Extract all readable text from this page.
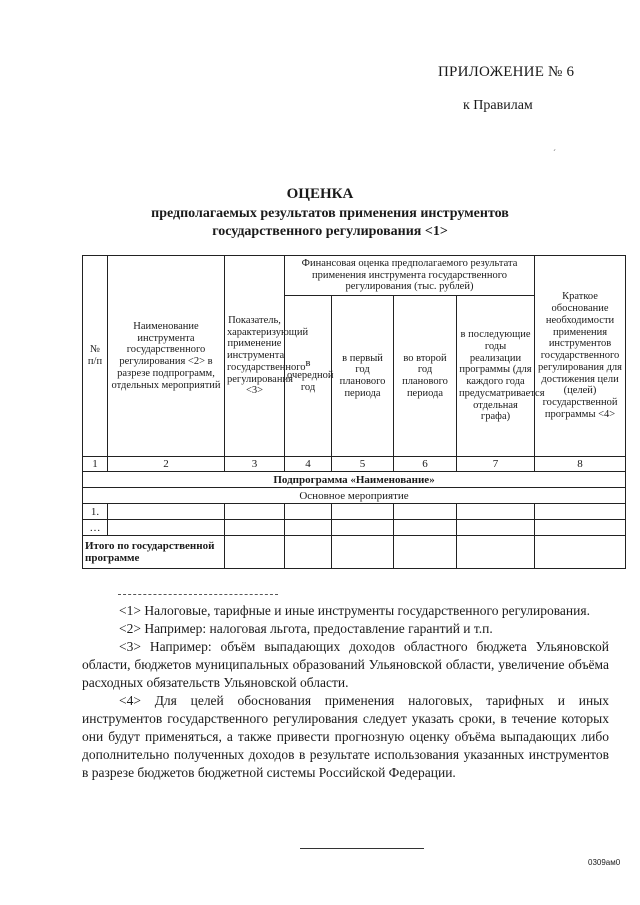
ПРИЛОЖЕНИЕ № 6
к Правилам
ˊ
ОЦЕНКА
предполагаемых результатов применения инструментов
государственного регулирования <1>
№ п/п	Наименование инструмента государственного регулирования <2> в разрезе подпрограмм, отдельных мероприятий	Показатель, характеризующий применение инструмента государственного регулирования <3>	Финансовая оценка предполагаемого результата применения инструмента государственного регулирования (тыс. рублей)				Краткое обоснование необходимости применения инструментов государственного регулирования для достижения цели (целей) государственной программы <4>
			в очередной год	в первый год планового периода	во второй год планового периода	в последующие годы реализации программы (для каждого года предусматривается отдельная графа)	
1	2	3	4	5	6	7	8
Подпрограмма «Наименование»							
Основное мероприятие							
1.							
…							
Итого по государственной программе							

<1> Налоговые, тарифные и иные инструменты государственного регулирования.

<2> Например: налоговая льгота, предоставление гарантий и т.п.

<3> Например: объём выпадающих доходов областного бюджета Ульяновской области, бюджетов муниципальных образований Ульяновской области, увеличение объёма расходных обязательств Ульяновской области.

<4> Для целей обоснования применения налоговых, тарифных и иных инструментов государственного регулирования следует указать сроки, в течение которых они будут применяться, а также привести прогнозную оценку объёма выпадающих либо дополнительно полученных доходов в результате использования указанных инструментов в разрезе бюджетов бюджетной системы Российской Федерации.

0309ам0
